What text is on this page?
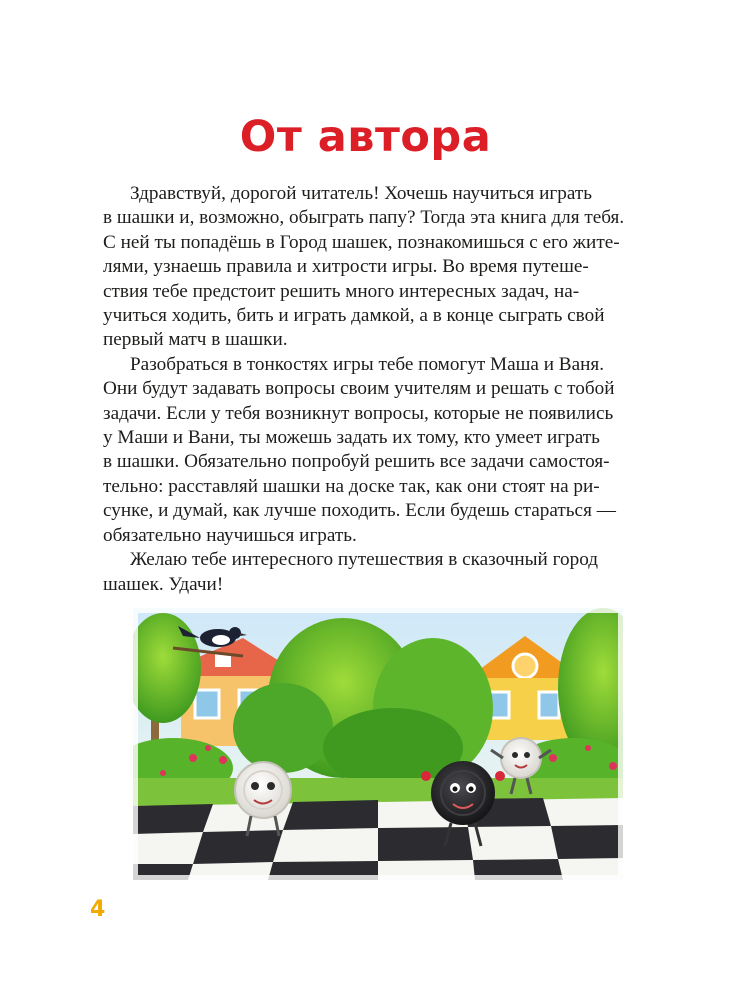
От автора
Здравствуй, дорогой читатель! Хочешь научиться играть
в шашки и, возможно, обыграть папу? Тогда эта книга для тебя.
С ней ты попадёшь в Город шашек, познакомишься с его жите-
лями, узнаешь правила и хитрости игры. Во время путеше-
ствия тебе предстоит решить много интересных задач, на-
учиться ходить, бить и играть дамкой, а в конце сыграть свой
первый матч в шашки.
Разобраться в тонкостях игры тебе помогут Маша и Ваня.
Они будут задавать вопросы своим учителям и решать с тобой
задачи. Если у тебя возникнут вопросы, которые не появились
у Маши и Вани, ты можешь задать их тому, кто умеет играть
в шашки. Обязательно попробуй решить все задачи самостоя-
тельно: расставляй шашки на доске так, как они стоят на ри-
сунке, и думай, как лучше походить. Если будешь стараться —
обязательно научишься играть.
Желаю тебе интересного путешествия в сказочный город
шашек. Удачи!
4
